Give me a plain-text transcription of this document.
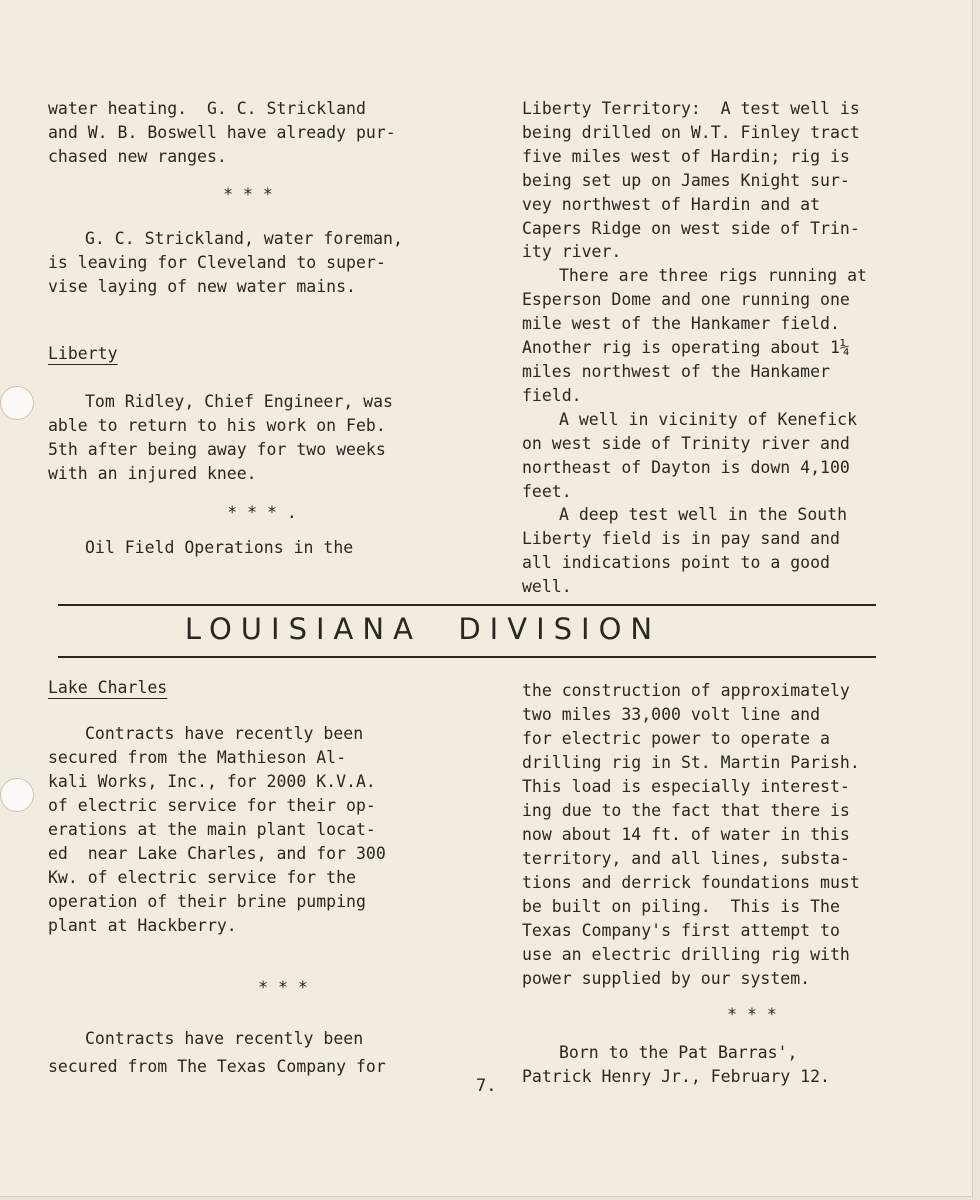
water heating.  G. C. Strickland

and W. B. Boswell have already pur-

chased new ranges.

* * *

G. C. Strickland, water foreman,

is leaving for Cleveland to super-

vise laying of new water mains.

Liberty

Tom Ridley, Chief Engineer, was

able to return to his work on Feb.

5th after being away for two weeks

with an injured knee.

* * * .

Oil Field Operations in the

Liberty Territory:  A test well is

being drilled on W.T. Finley tract

five miles west of Hardin; rig is

being set up on James Knight sur-

vey northwest of Hardin and at

Capers Ridge on west side of Trin-

ity river.

There are three rigs running at

Esperson Dome and one running one

mile west of the Hankamer field.

Another rig is operating about 1¼

miles northwest of the Hankamer

field.

A well in vicinity of Kenefick

on west side of Trinity river and

northeast of Dayton is down 4,100

feet.

A deep test well in the South

Liberty field is in pay sand and

all indications point to a good

well.

LOUISIANA  DIVISION

Lake Charles

Contracts have recently been

secured from the Mathieson Al-

kali Works, Inc., for 2000 K.V.A.

of electric service for their op-

erations at the main plant locat-

ed  near Lake Charles, and for 300

Kw. of electric service for the

operation of their brine pumping

plant at Hackberry.

* * *

Contracts have recently been

secured from The Texas Company for

the construction of approximately

two miles 33,000 volt line and

for electric power to operate a

drilling rig in St. Martin Parish.

This load is especially interest-

ing due to the fact that there is

now about 14 ft. of water in this

territory, and all lines, substa-

tions and derrick foundations must

be built on piling.  This is The

Texas Company's first attempt to

use an electric drilling rig with

power supplied by our system.

* * *

Born to the Pat Barras',

Patrick Henry Jr., February 12.

7.
